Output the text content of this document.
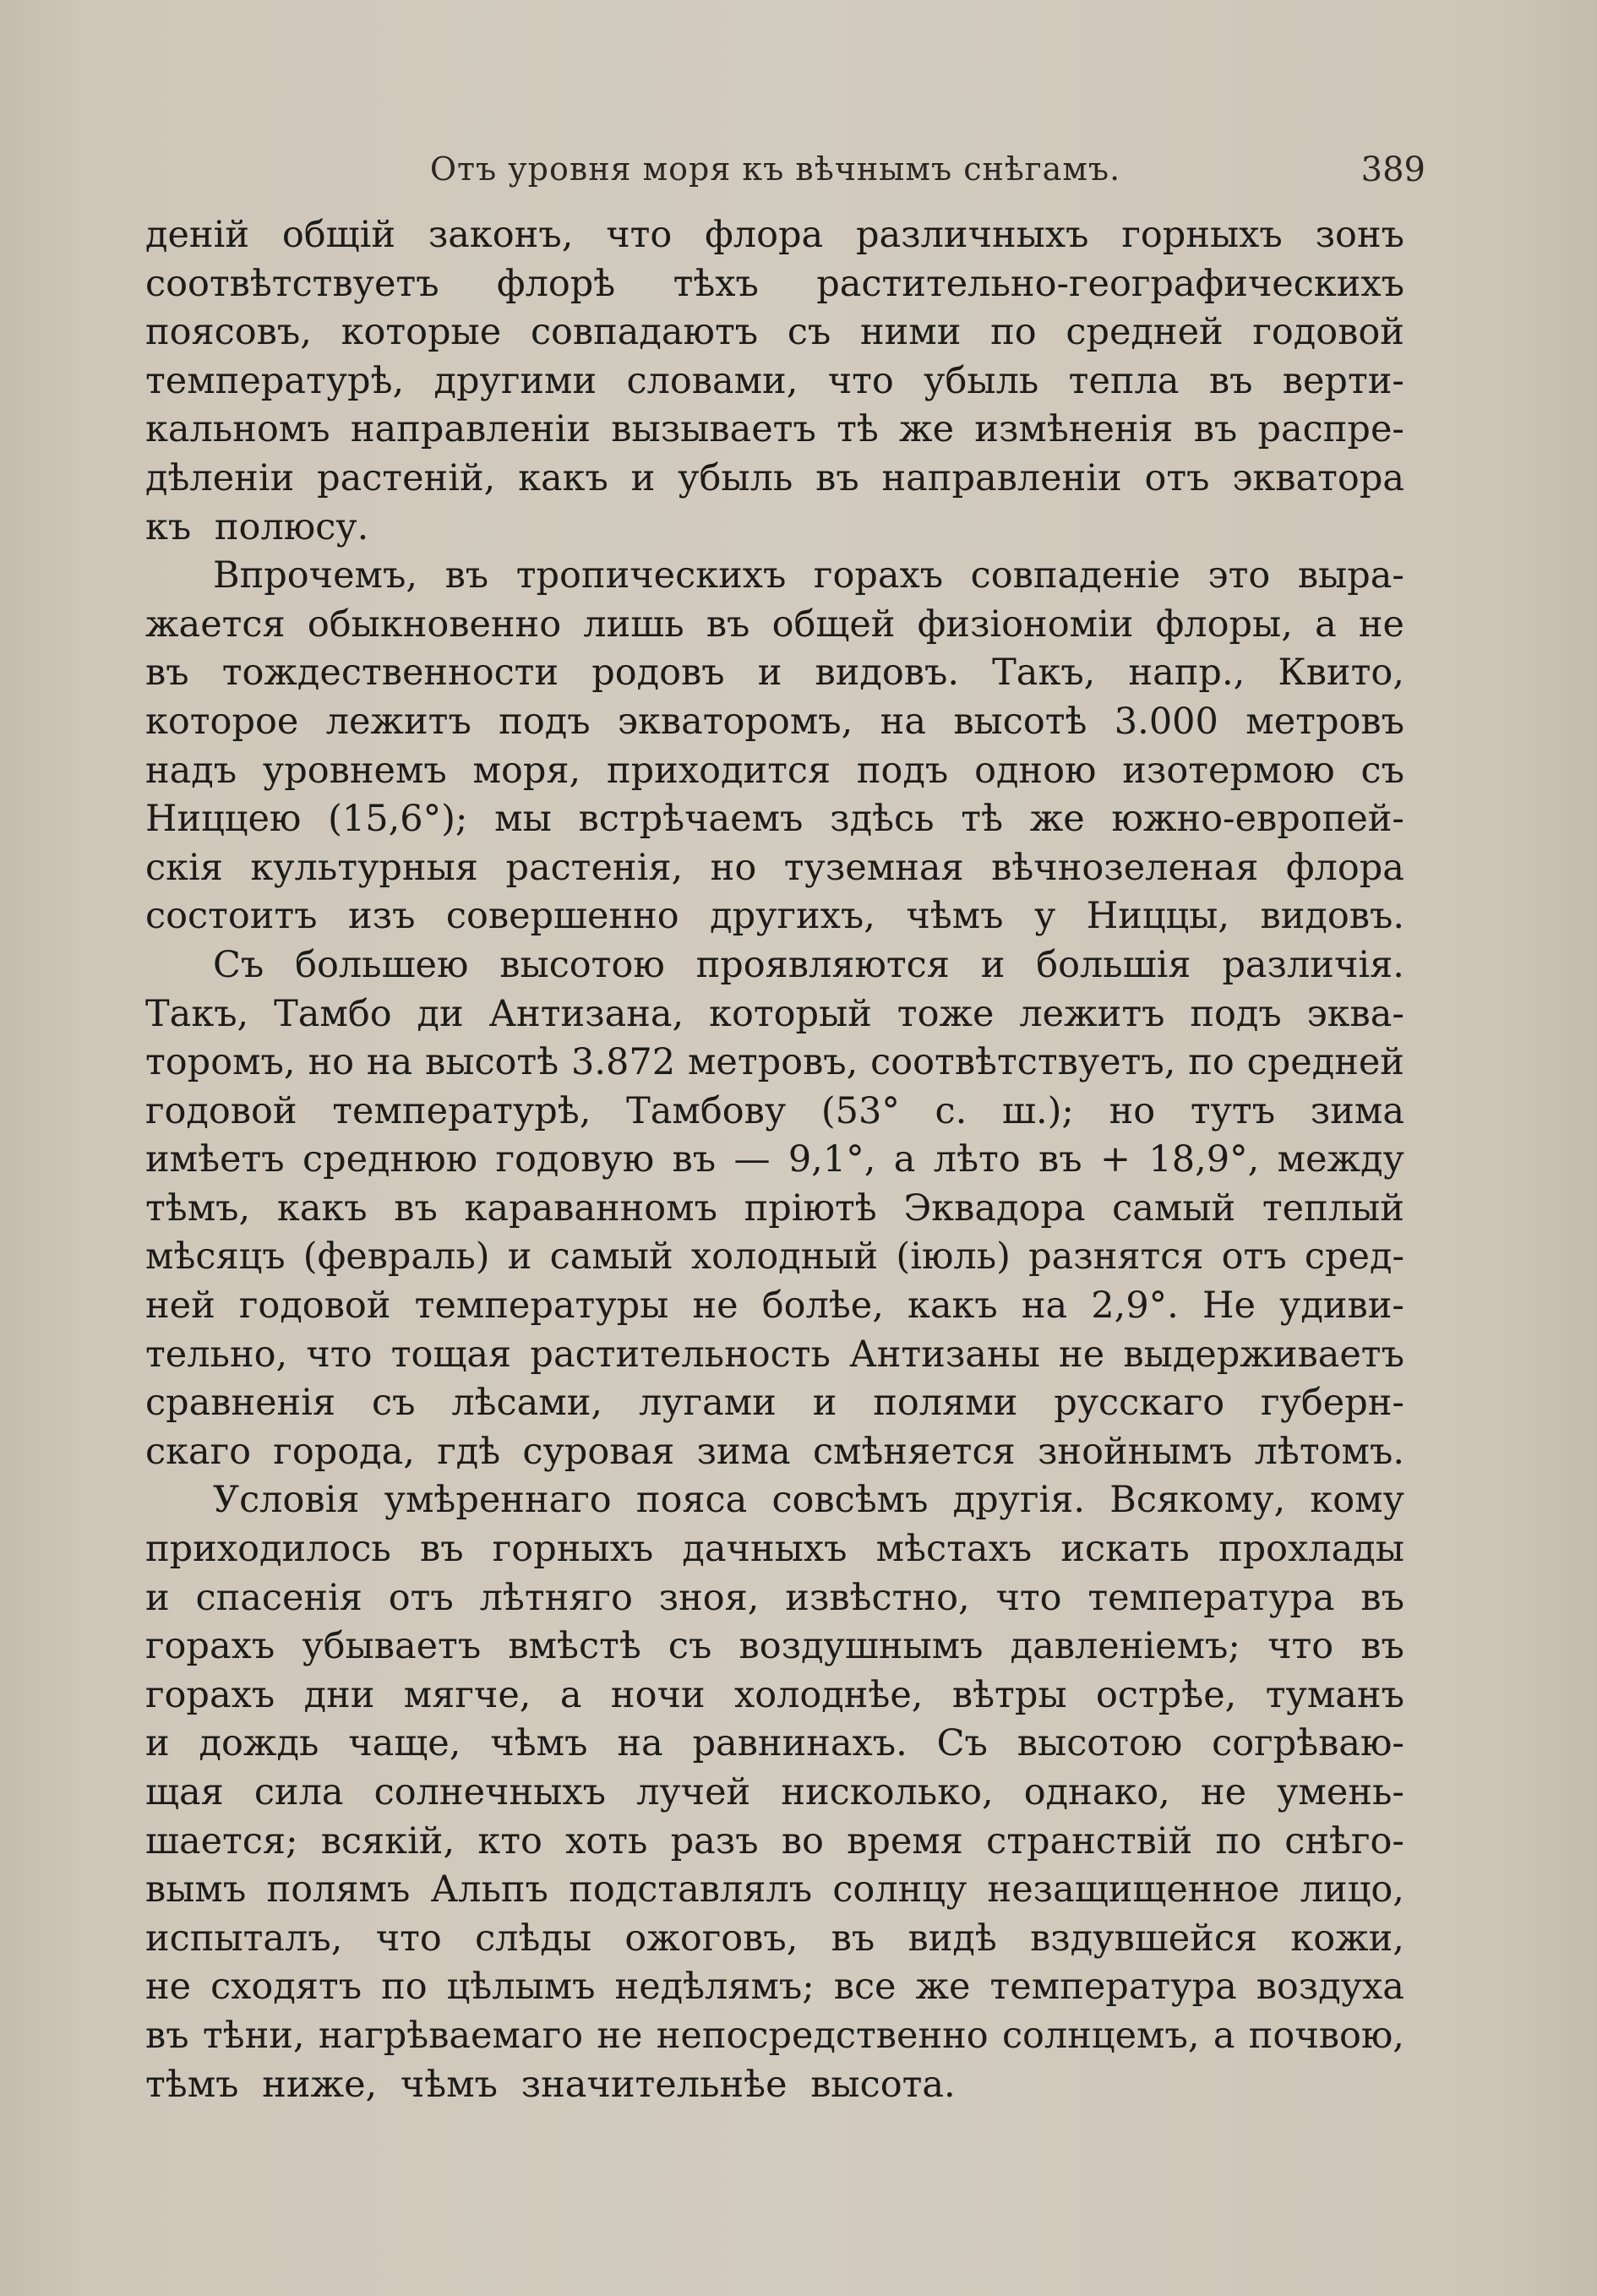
Отъ уровня моря къ вѣчнымъ снѣгамъ.	389
деній общій законъ, что флора различныхъ горныхъ зонъ
соотвѣтствуетъ флорѣ тѣхъ растительно-географическихъ
поясовъ, которые совпадаютъ съ ними по средней годовой
температурѣ, другими словами, что убыль тепла въ верти-
кальномъ направленіи вызываетъ тѣ же измѣненія въ распре-
дѣленіи растеній, какъ и убыль въ направленіи отъ экватора
къ полюсу.
Впрочемъ, въ тропическихъ горахъ совпаденіе это выра-
жается обыкновенно лишь въ общей физіономіи флоры, а не
въ тождественности родовъ и видовъ. Такъ, напр., Квито,
которое лежитъ подъ экваторомъ, на высотѣ 3.000 метровъ
надъ уровнемъ моря, приходится подъ одною изотермою съ
Ниццею (15,6°); мы встрѣчаемъ здѣсь тѣ же южно-европей-
скія культурныя растенія, но туземная вѣчнозеленая флора
состоитъ изъ совершенно другихъ, чѣмъ у Ниццы, видовъ.
Съ большею высотою проявляются и большія различія.
Такъ, Тамбо ди Антизана, который тоже лежитъ подъ эква-
торомъ, но на высотѣ 3.872 метровъ, соотвѣтствуетъ, по средней
годовой температурѣ, Тамбову (53° с. ш.); но тутъ зима
имѣетъ среднюю годовую въ — 9,1°, а лѣто въ + 18,9°, между
тѣмъ, какъ въ караванномъ пріютѣ Эквадора самый теплый
мѣсяцъ (февраль) и самый холодный (іюль) разнятся отъ сред-
ней годовой температуры не болѣе, какъ на 2,9°. Не удиви-
тельно, что тощая растительность Антизаны не выдерживаетъ
сравненія съ лѣсами, лугами и полями русскаго губерн-
скаго города, гдѣ суровая зима смѣняется знойнымъ лѣтомъ.
Условія умѣреннаго пояса совсѣмъ другія. Всякому, кому
приходилось въ горныхъ дачныхъ мѣстахъ искать прохлады
и спасенія отъ лѣтняго зноя, извѣстно, что температура въ
горахъ убываетъ вмѣстѣ съ воздушнымъ давленіемъ; что въ
горахъ дни мягче, а ночи холоднѣе, вѣтры острѣе, туманъ
и дождь чаще, чѣмъ на равнинахъ. Съ высотою согрѣваю-
щая сила солнечныхъ лучей нисколько, однако, не умень-
шается; всякій, кто хоть разъ во время странствій по снѣго-
вымъ полямъ Альпъ подставлялъ солнцу незащищенное лицо,
испыталъ, что слѣды ожоговъ, въ видѣ вздувшейся кожи,
не сходятъ по цѣлымъ недѣлямъ; все же температура воздуха
въ тѣни, нагрѣваемаго не непосредственно солнцемъ, а почвою,
тѣмъ ниже, чѣмъ значительнѣе высота.
